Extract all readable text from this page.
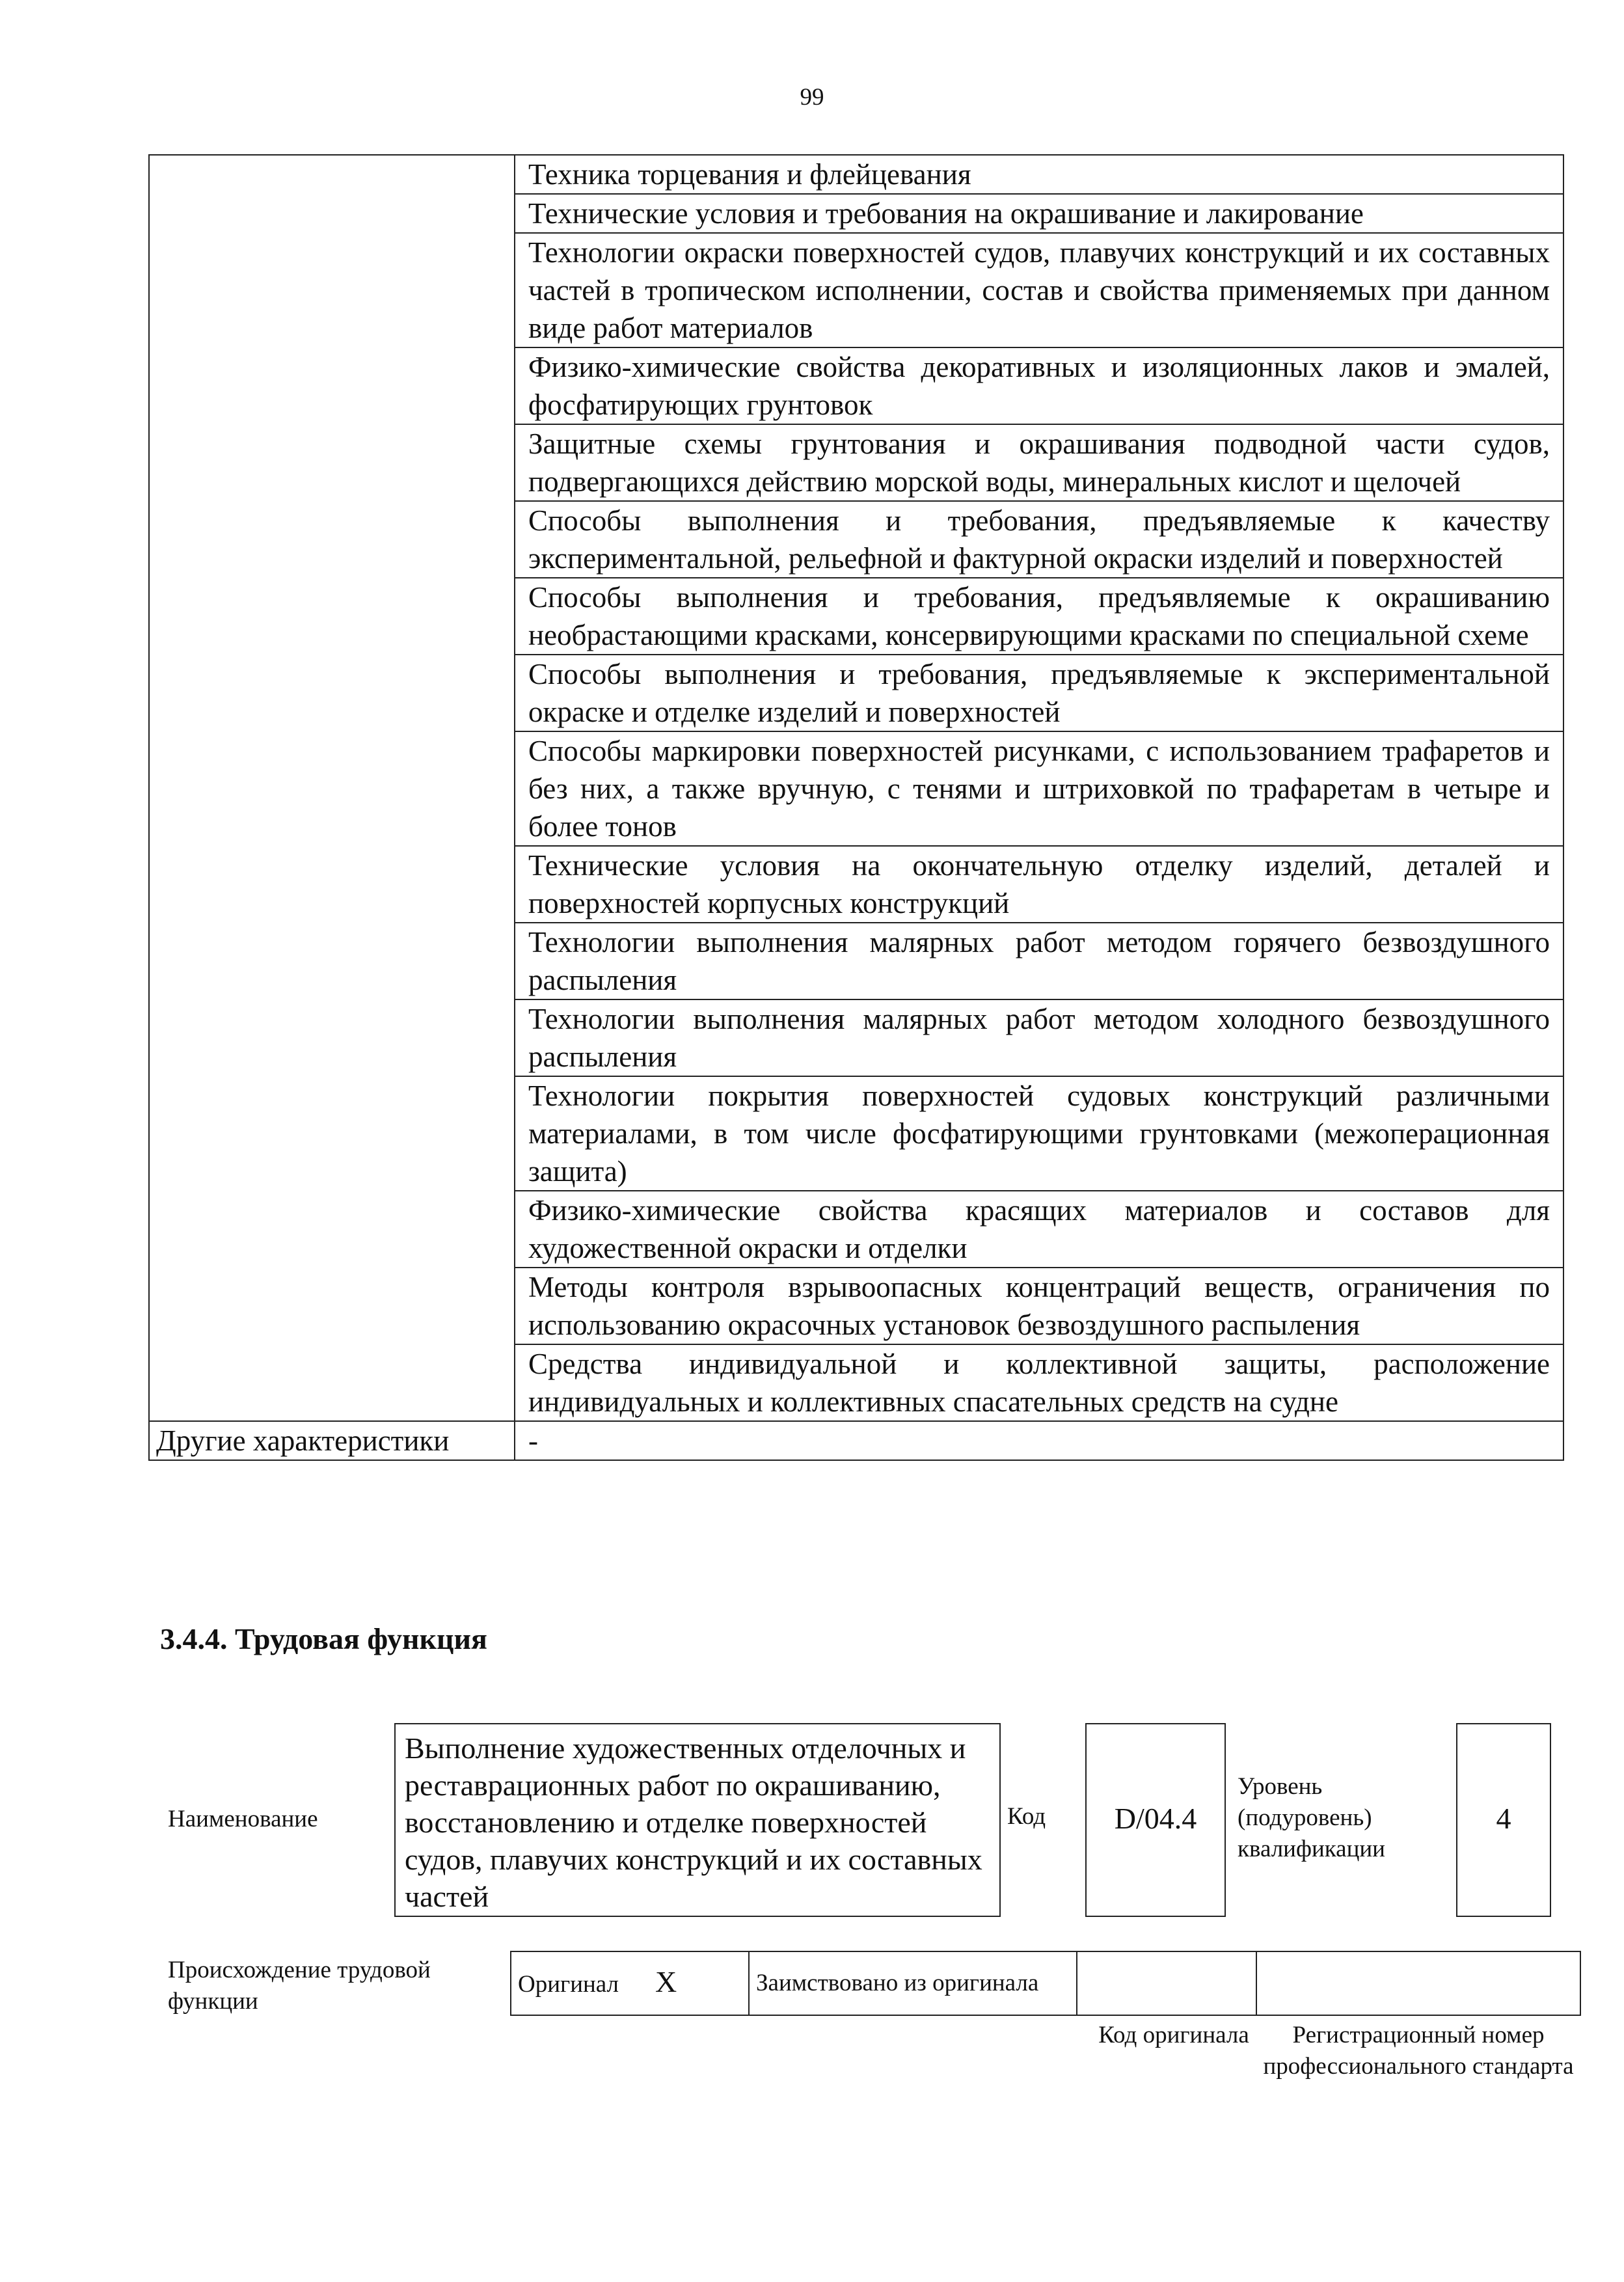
99
	Техника торцевания и флейцевания
	Технические условия и требования на окрашивание и лакирование
	Технологии окраски поверхностей судов, плавучих конструкций и их составных частей в тропическом исполнении, состав и свойства применяемых при данном виде работ материалов
	Физико-химические свойства декоративных и изоляционных лаков и эмалей, фосфатирующих грунтовок
	Защитные схемы грунтования и окрашивания подводной части судов, подвергающихся действию морской воды, минеральных кислот и щелочей
	Способы выполнения и требования, предъявляемые к качеству экспериментальной, рельефной и фактурной окраски изделий и поверхностей
	Способы выполнения и требования, предъявляемые к окрашиванию необрастающими красками, консервирующими красками по специальной схеме
	Способы выполнения и требования, предъявляемые к экспериментальной окраске и отделке изделий и поверхностей
	Способы маркировки поверхностей рисунками, с использованием трафаретов и без них, а также вручную, с тенями и штриховкой по трафаретам в четыре и более тонов
	Технические условия на окончательную отделку изделий, деталей и поверхностей корпусных конструкций
	Технологии выполнения малярных работ методом горячего безвоздушного распыления
	Технологии выполнения малярных работ методом холодного безвоздушного распыления
	Технологии покрытия поверхностей судовых конструкций различными материалами, в том числе фосфатирующими грунтовками (межоперационная защита)
	Физико-химические свойства красящих материалов и составов для художественной окраски и отделки
	Методы контроля взрывоопасных концентраций веществ, ограничения по использованию окрасочных установок безвоздушного распыления
	Средства индивидуальной и коллективной защиты, расположение индивидуальных и коллективных спасательных средств на судне
Другие характеристики	-
3.4.4. Трудовая функция
Наименование
Выполнение художественных отделочных и реставрационных работ по окрашиванию, восстановлению и отделке поверхностей судов, плавучих конструкций и их составных частей
Код	D/04.4
Уровень (подуровень) квалификации
4
Происхождение трудовой функции
Оригинал X	Заимствовано из оригинала		
Код оригинала	Регистрационный номер профессионального стандарта
